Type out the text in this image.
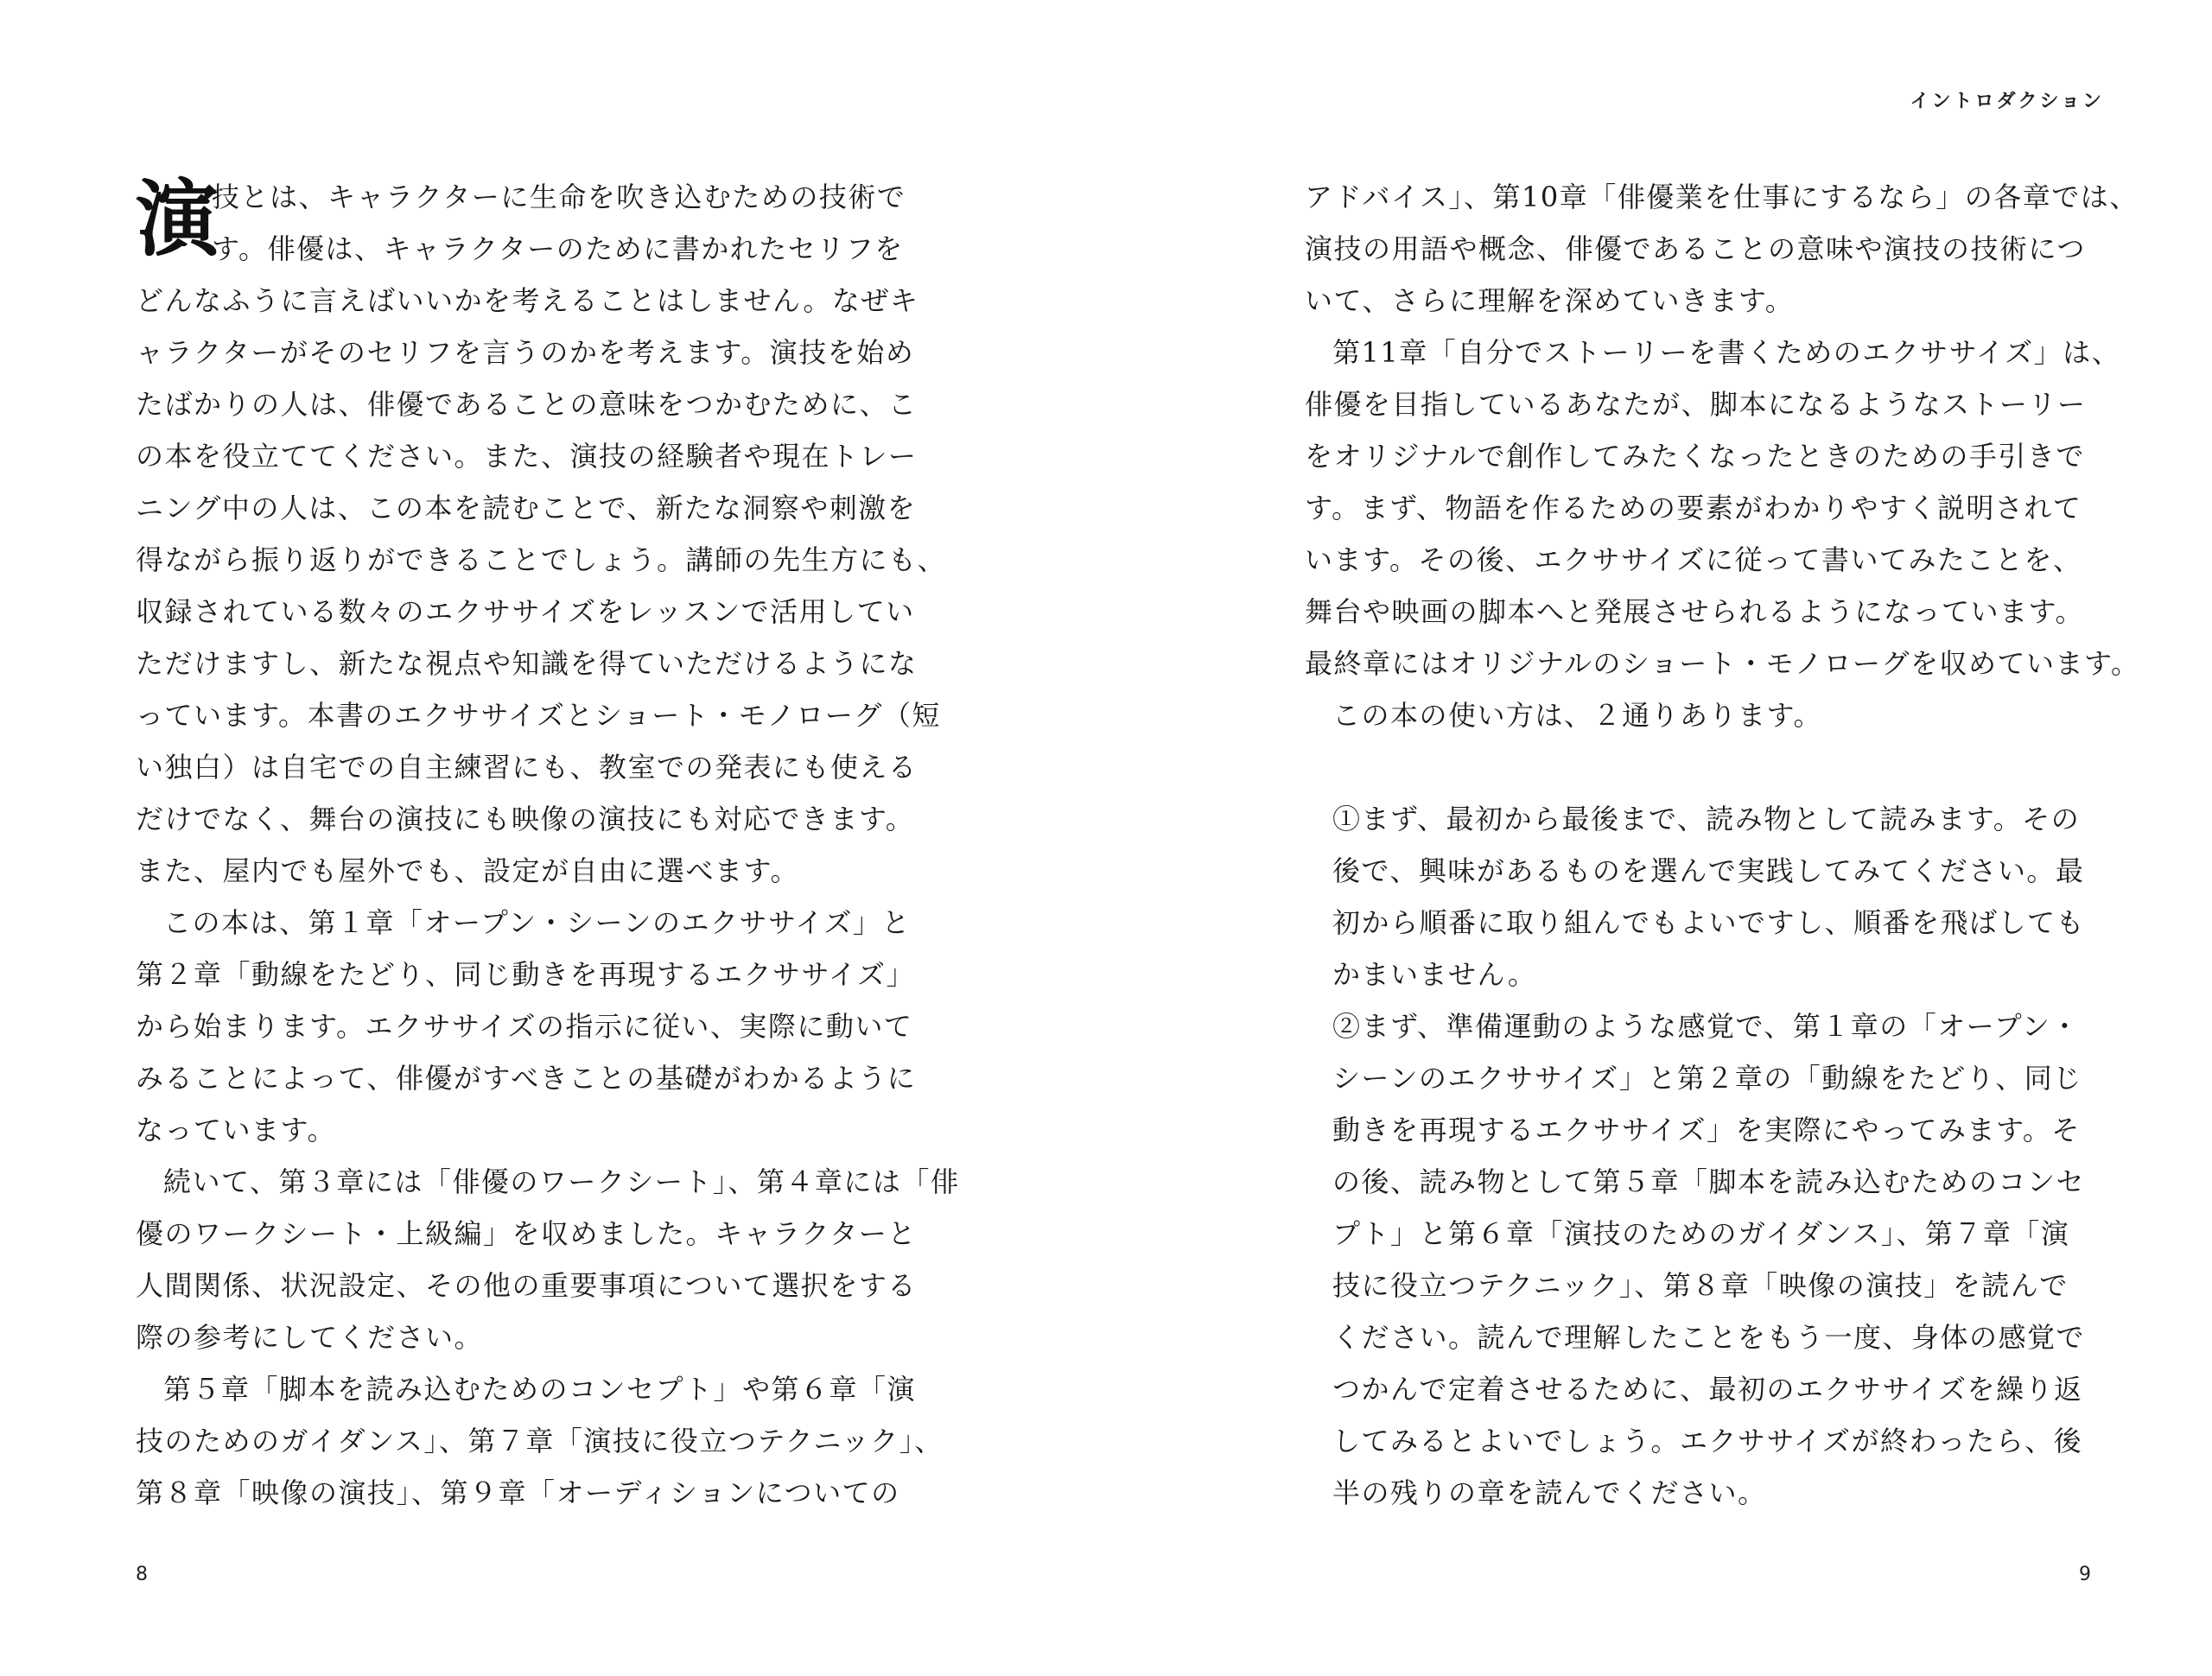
演
技とは、キャラクターに生命を吹き込むための技術で
す。俳優は、キャラクターのために書かれたセリフを
どんなふうに言えばいいかを考えることはしません。なぜキ
ャラクターがそのセリフを言うのかを考えます。演技を始め
たばかりの人は、俳優であることの意味をつかむために、こ
の本を役立ててください。また、演技の経験者や現在トレー
ニング中の人は、この本を読むことで、新たな洞察や刺激を
得ながら振り返りができることでしょう。講師の先生方にも、
収録されている数々のエクササイズをレッスンで活用してい
ただけますし、新たな視点や知識を得ていただけるようにな
っています。本書のエクササイズとショート・モノローグ（短
い独白）は自宅での自主練習にも、教室での発表にも使える
だけでなく、舞台の演技にも映像の演技にも対応できます。
また、屋内でも屋外でも、設定が自由に選べます。
この本は、第１章「オープン・シーンのエクササイズ」と
第２章「動線をたどり、同じ動きを再現するエクササイズ」
から始まります。エクササイズの指示に従い、実際に動いて
みることによって、俳優がすべきことの基礎がわかるように
なっています。
続いて、第３章には「俳優のワークシート」、第４章には「俳
優のワークシート・上級編」を収めました。キャラクターと
人間関係、状況設定、その他の重要事項について選択をする
際の参考にしてください。
第５章「脚本を読み込むためのコンセプト」や第６章「演
技のためのガイダンス」、第７章「演技に役立つテクニック」、
第８章「映像の演技」、第９章「オーディションについての
8
イントロダクション
アドバイス」、第10章「俳優業を仕事にするなら」の各章では、
演技の用語や概念、俳優であることの意味や演技の技術につ
いて、さらに理解を深めていきます。
第11章「自分でストーリーを書くためのエクササイズ」は、
俳優を目指しているあなたが、脚本になるようなストーリー
をオリジナルで創作してみたくなったときのための手引きで
す。まず、物語を作るための要素がわかりやすく説明されて
います。その後、エクササイズに従って書いてみたことを、
舞台や映画の脚本へと発展させられるようになっています。
最終章にはオリジナルのショート・モノローグを収めています。
この本の使い方は、２通りあります。
①まず、最初から最後まで、読み物として読みます。その
後で、興味があるものを選んで実践してみてください。最
初から順番に取り組んでもよいですし、順番を飛ばしても
かまいません。
②まず、準備運動のような感覚で、第１章の「オープン・
シーンのエクササイズ」と第２章の「動線をたどり、同じ
動きを再現するエクササイズ」を実際にやってみます。そ
の後、読み物として第５章「脚本を読み込むためのコンセ
プト」と第６章「演技のためのガイダンス」、第７章「演
技に役立つテクニック」、第８章「映像の演技」を読んで
ください。読んで理解したことをもう一度、身体の感覚で
つかんで定着させるために、最初のエクササイズを繰り返
してみるとよいでしょう。エクササイズが終わったら、後
半の残りの章を読んでください。
9
